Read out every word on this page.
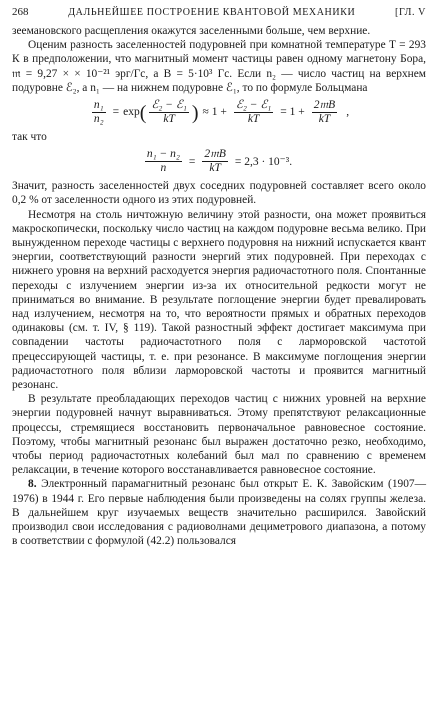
268	ДАЛЬНЕЙШЕЕ ПОСТРОЕНИЕ КВАНТОВОЙ МЕХАНИКИ	[ГЛ. V

зеемановского расщепления окажутся заселенными больше, чем верхние.

Оценим разность заселенностей подуровней при комнатной температуре T = 293 К в предположении, что магнитный момент частицы равен одному магнетону Бора, 𝔪 = 9,27 × × 10⁻²¹ эрг/Гс, а B = 5·10³ Гс. Если n₂ — число частиц на верхнем подуровне ℰ₂, а n₁ — на нижнем подуровне ℰ₁, то по формуле Больцмана

$\frac{\text{n₁}}{\text{n₂}} = \exp$ ( $\frac{\text{ℰ₂ − ℰ₁}}{kT}$ ) ≈ $1 + \frac{\text{ℰ₂ − ℰ₁}}{kT} = 1 + \frac{\text{2𝔪B}}{kT}$ ,

так что

$\frac{\text{n₁ − n₂}}{n} = \frac{\text{2𝔪B}}{kT} = 2,3 \cdot 10^{-3}$.

Значит, разность заселенностей двух соседних подуровней составляет всего около 0,2 % от заселенности одного из этих подуровней.

Несмотря на столь ничтожную величину этой разности, она может проявиться макроскопически, поскольку число частиц на каждом подуровне весьма велико. При вынужденном переходе частицы с верхнего подуровня на нижний испускается квант энергии, соответствующий разности энергий этих подуровней. При переходах с нижнего уровня на верхний расходуется энергия радиочастотного поля. Спонтанные переходы с излучением энергии из-за их относительной редкости могут не приниматься во внимание. В результате поглощение энергии будет превалировать над излучением, несмотря на то, что вероятности прямых и обратных переходов одинаковы (см. т. IV, § 119). Такой разностный эффект достигает максимума при совпадении частоты радиочастотного поля с ларморовской частотой прецессирующей частицы, т. е. при резонансе. В максимуме поглощения энергии радиочастотного поля вблизи ларморовской частоты и проявится магнитный резонанс.

В результате преобладающих переходов частиц с нижних уровней на верхние энергии подуровней начнут выравниваться. Этому препятствуют релаксационные процессы, стремящиеся восстановить первоначальное равновесное состояние. Поэтому, чтобы магнитный резонанс был выражен достаточно резко, необходимо, чтобы период радиочастотных колебаний был мал по сравнению с временем релаксации, в течение которого восстанавливается равновесное состояние.

8. Электронный парамагнитный резонанс был открыт Е. К. Завойским (1907—1976) в 1944 г. Его первые наблюдения были произведены на солях группы железа. В дальнейшем круг изучаемых веществ значительно расширился. Завойский производил свои исследования с радиоволнами дециметрового диапазона, а потому в соответствии с формулой (42.2) пользовался
